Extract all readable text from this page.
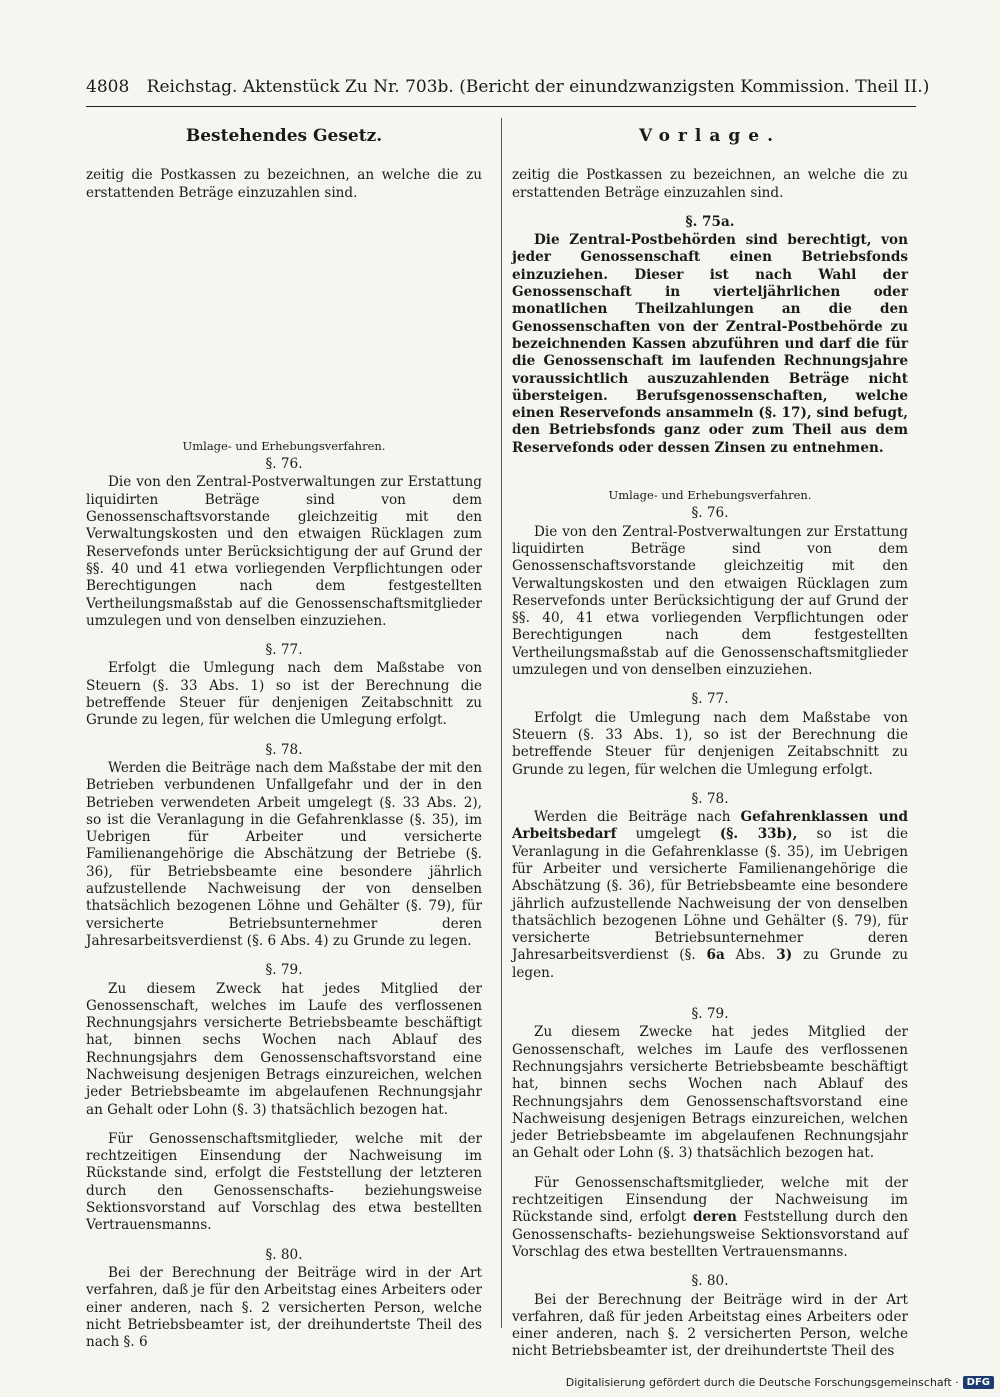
4808 Reichstag. Aktenstück Zu Nr. 703b. (Bericht der einundzwanzigsten Kommission. Theil II.)
Bestehendes Gesetz.

zeitig die Postkassen zu bezeichnen, an welche die zu erstattenden Beträge einzuzahlen sind.

Umlage- und Erhebungsverfahren.
§. 76.

Die von den Zentral-Postverwaltungen zur Erstattung liquidirten Beträge sind von dem Genossenschaftsvorstande gleichzeitig mit den Verwaltungskosten und den etwaigen Rücklagen zum Reservefonds unter Berücksichtigung der auf Grund der §§. 40 und 41 etwa vorliegenden Verpflichtungen oder Berechtigungen nach dem festgestellten Vertheilungsmaßstab auf die Genossenschaftsmitglieder umzulegen und von denselben einzuziehen.

§. 77.

Erfolgt die Umlegung nach dem Maßstabe von Steuern (§. 33 Abs. 1) so ist der Berechnung die betreffende Steuer für denjenigen Zeitabschnitt zu Grunde zu legen, für welchen die Umlegung erfolgt.

§. 78.

Werden die Beiträge nach dem Maßstabe der mit den Betrieben verbundenen Unfallgefahr und der in den Betrieben verwendeten Arbeit umgelegt (§. 33 Abs. 2), so ist die Veranlagung in die Gefahrenklasse (§. 35), im Uebrigen für Arbeiter und versicherte Familienangehörige die Abschätzung der Betriebe (§. 36), für Betriebsbeamte eine besondere jährlich aufzustellende Nachweisung der von denselben thatsächlich bezogenen Löhne und Gehälter (§. 79), für versicherte Betriebsunternehmer deren Jahresarbeitsverdienst (§. 6 Abs. 4) zu Grunde zu legen.

§. 79.

Zu diesem Zweck hat jedes Mitglied der Genossenschaft, welches im Laufe des verflossenen Rechnungsjahrs versicherte Betriebsbeamte beschäftigt hat, binnen sechs Wochen nach Ablauf des Rechnungsjahrs dem Genossenschaftsvorstand eine Nachweisung desjenigen Betrags einzureichen, welchen jeder Betriebsbeamte im abgelaufenen Rechnungsjahr an Gehalt oder Lohn (§. 3) thatsächlich bezogen hat.

Für Genossenschaftsmitglieder, welche mit der rechtzeitigen Einsendung der Nachweisung im Rückstande sind, erfolgt die Feststellung der letzteren durch den Genossenschafts- beziehungsweise Sektionsvorstand auf Vorschlag des etwa bestellten Vertrauensmanns.

§. 80.

Bei der Berechnung der Beiträge wird in der Art verfahren, daß je für den Arbeitstag eines Arbeiters oder einer anderen, nach §. 2 versicherten Person, welche nicht Betriebsbeamter ist, der dreihundertste Theil des nach §. 6

Vorlage.

zeitig die Postkassen zu bezeichnen, an welche die zu erstattenden Beträge einzuzahlen sind.

§. 75a.

Die Zentral-Postbehörden sind berechtigt, von jeder Genossenschaft einen Betriebsfonds einzuziehen. Dieser ist nach Wahl der Genossenschaft in vierteljährlichen oder monatlichen Theilzahlungen an die den Genossenschaften von der Zentral-Postbehörde zu bezeichnenden Kassen abzuführen und darf die für die Genossenschaft im laufenden Rechnungsjahre voraussichtlich auszuzahlenden Beträge nicht übersteigen. Berufsgenossenschaften, welche einen Reservefonds ansammeln (§. 17), sind befugt, den Betriebsfonds ganz oder zum Theil aus dem Reservefonds oder dessen Zinsen zu entnehmen.

Umlage- und Erhebungsverfahren.
§. 76.

Die von den Zentral-Postverwaltungen zur Erstattung liquidirten Beträge sind von dem Genossenschaftsvorstande gleichzeitig mit den Verwaltungskosten und den etwaigen Rücklagen zum Reservefonds unter Berücksichtigung der auf Grund der §§. 40, 41 etwa vorliegenden Verpflichtungen oder Berechtigungen nach dem festgestellten Vertheilungsmaßstab auf die Genossenschaftsmitglieder umzulegen und von denselben einzuziehen.

§. 77.

Erfolgt die Umlegung nach dem Maßstabe von Steuern (§. 33 Abs. 1), so ist der Berechnung die betreffende Steuer für denjenigen Zeitabschnitt zu Grunde zu legen, für welchen die Umlegung erfolgt.

§. 78.

Werden die Beiträge nach Gefahrenklassen und Arbeitsbedarf umgelegt (§. 33b), so ist die Veranlagung in die Gefahrenklasse (§. 35), im Uebrigen für Arbeiter und versicherte Familienangehörige die Abschätzung (§. 36), für Betriebsbeamte eine besondere jährlich aufzustellende Nachweisung der von denselben thatsächlich bezogenen Löhne und Gehälter (§. 79), für versicherte Betriebsunternehmer deren Jahresarbeitsverdienst (§. 6a Abs. 3) zu Grunde zu legen.

§. 79.

Zu diesem Zwecke hat jedes Mitglied der Genossenschaft, welches im Laufe des verflossenen Rechnungsjahrs versicherte Betriebsbeamte beschäftigt hat, binnen sechs Wochen nach Ablauf des Rechnungsjahrs dem Genossenschaftsvorstand eine Nachweisung desjenigen Betrags einzureichen, welchen jeder Betriebsbeamte im abgelaufenen Rechnungsjahr an Gehalt oder Lohn (§. 3) thatsächlich bezogen hat.

Für Genossenschaftsmitglieder, welche mit der rechtzeitigen Einsendung der Nachweisung im Rückstande sind, erfolgt deren Feststellung durch den Genossenschafts- beziehungsweise Sektionsvorstand auf Vorschlag des etwa bestellten Vertrauensmanns.

§. 80.

Bei der Berechnung der Beiträge wird in der Art verfahren, daß für jeden Arbeitstag eines Arbeiters oder einer anderen, nach §. 2 versicherten Person, welche nicht Betriebsbeamter ist, der dreihundertste Theil des

Digitalisierung gefördert durch die Deutsche Forschungsgemeinschaft · DFG
